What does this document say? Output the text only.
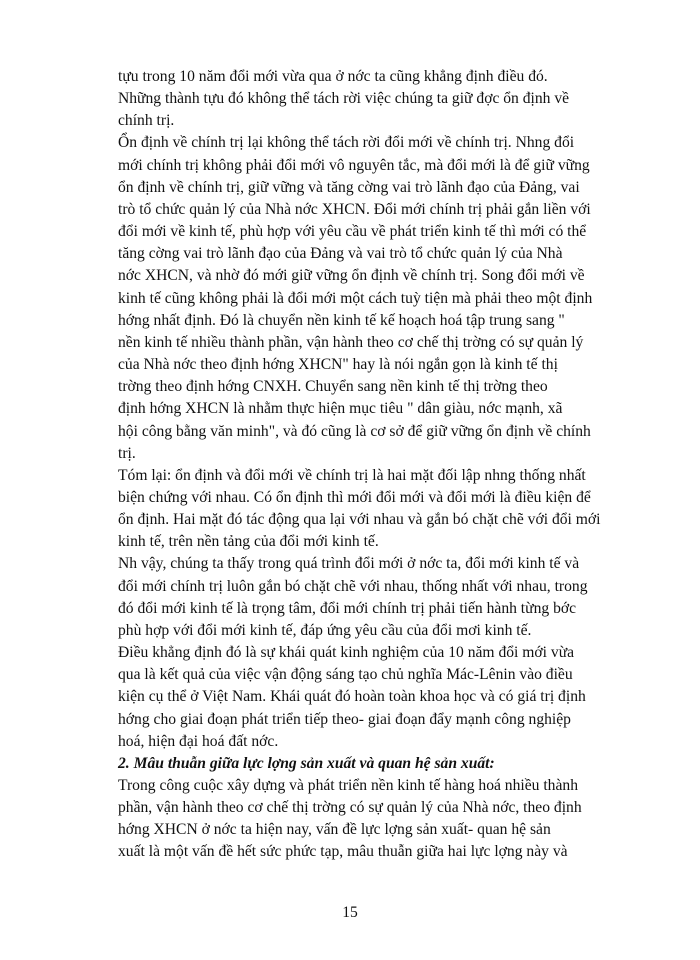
tựu trong 10 năm đổi mới vừa qua ở nớc ta cũng khẳng định điều đó.
Những thành tựu đó không thể tách rời việc chúng ta giữ đợc ổn định về
chính trị.

Ổn định về chính trị lại không thể tách rời đổi mới về chính trị. Nhng đổi
mới chính trị không phải đổi mới vô nguyên tắc, mà đổi mới là để giữ vững
ổn định về chính trị, giữ vững và tăng cờng vai trò lãnh đạo của Đảng, vai
trò tổ chức quản lý của Nhà nớc XHCN. Đổi mới chính trị phải gắn liền với
đổi mới về kinh tế, phù hợp với yêu cầu về phát triển kinh tế thì mới có thể
tăng cờng vai trò lãnh đạo của Đảng và vai trò tổ chức quản lý của Nhà
nớc XHCN, và nhờ đó mới giữ vững ổn định về chính trị. Song đổi mới về
kinh tế cũng không phải là đổi mới một cách tuỳ tiện mà phải theo một định
hớng nhất định. Đó là chuyển nền kinh tế kế hoạch hoá tập trung sang "
nền kinh tế nhiều thành phần, vận hành theo cơ chế thị trờng có sự quản lý
của Nhà nớc theo định hớng XHCN" hay là nói ngắn gọn là kinh tế thị
trờng theo định hớng CNXH. Chuyển sang nền kinh tế thị trờng theo
định hớng XHCN là nhằm thực hiện mục tiêu " dân giàu, nớc mạnh, xã
hội công bằng văn minh", và đó cũng là cơ sở để giữ vững ổn định về chính
trị.

Tóm lại: ổn định và đổi mới về chính trị là hai mặt đối lập nhng thống nhất
biện chứng với nhau. Có ổn định thì mới đổi mới và đổi mới là điều kiện để
ổn định. Hai mặt đó tác động qua lại với nhau và gắn bó chặt chẽ với đổi mới
kinh tế, trên nền tảng của đổi mới kinh tế.

Nh vậy, chúng ta thấy trong quá trình đổi mới ở nớc ta, đổi mới kinh tế và
đổi mới chính trị luôn gắn bó chặt chẽ với nhau, thống nhất với nhau, trong
đó đổi mới kinh tế là trọng tâm, đổi mới chính trị phải tiến hành từng bớc
phù hợp với đổi mới kinh tế, đáp ứng yêu cầu của đổi mơi kinh tế.

Điều khẳng định đó là sự khái quát kinh nghiệm của 10 năm đổi mới vừa
qua là kết quả của việc vận động sáng tạo chủ nghĩa Mác-Lênin vào điều
kiện cụ thể ở Việt Nam. Khái quát đó hoàn toàn khoa học và có giá trị định
hớng cho giai đoạn phát triển tiếp theo- giai đoạn đẩy mạnh công nghiệp
hoá, hiện đại hoá đất nớc.

2. Mâu thuẫn giữa lực lợng sản xuất và quan hệ sản xuất:

Trong công cuộc xây dựng và phát triển nền kinh tế hàng hoá nhiều thành
phần, vận hành theo cơ chế thị trờng có sự quản lý của Nhà nớc, theo định
hớng XHCN ở nớc ta hiện nay, vấn đề lực lợng sản xuất- quan hệ sản
xuất là một vấn đề hết sức phức tạp, mâu thuẫn giữa hai lực lợng này và

15
